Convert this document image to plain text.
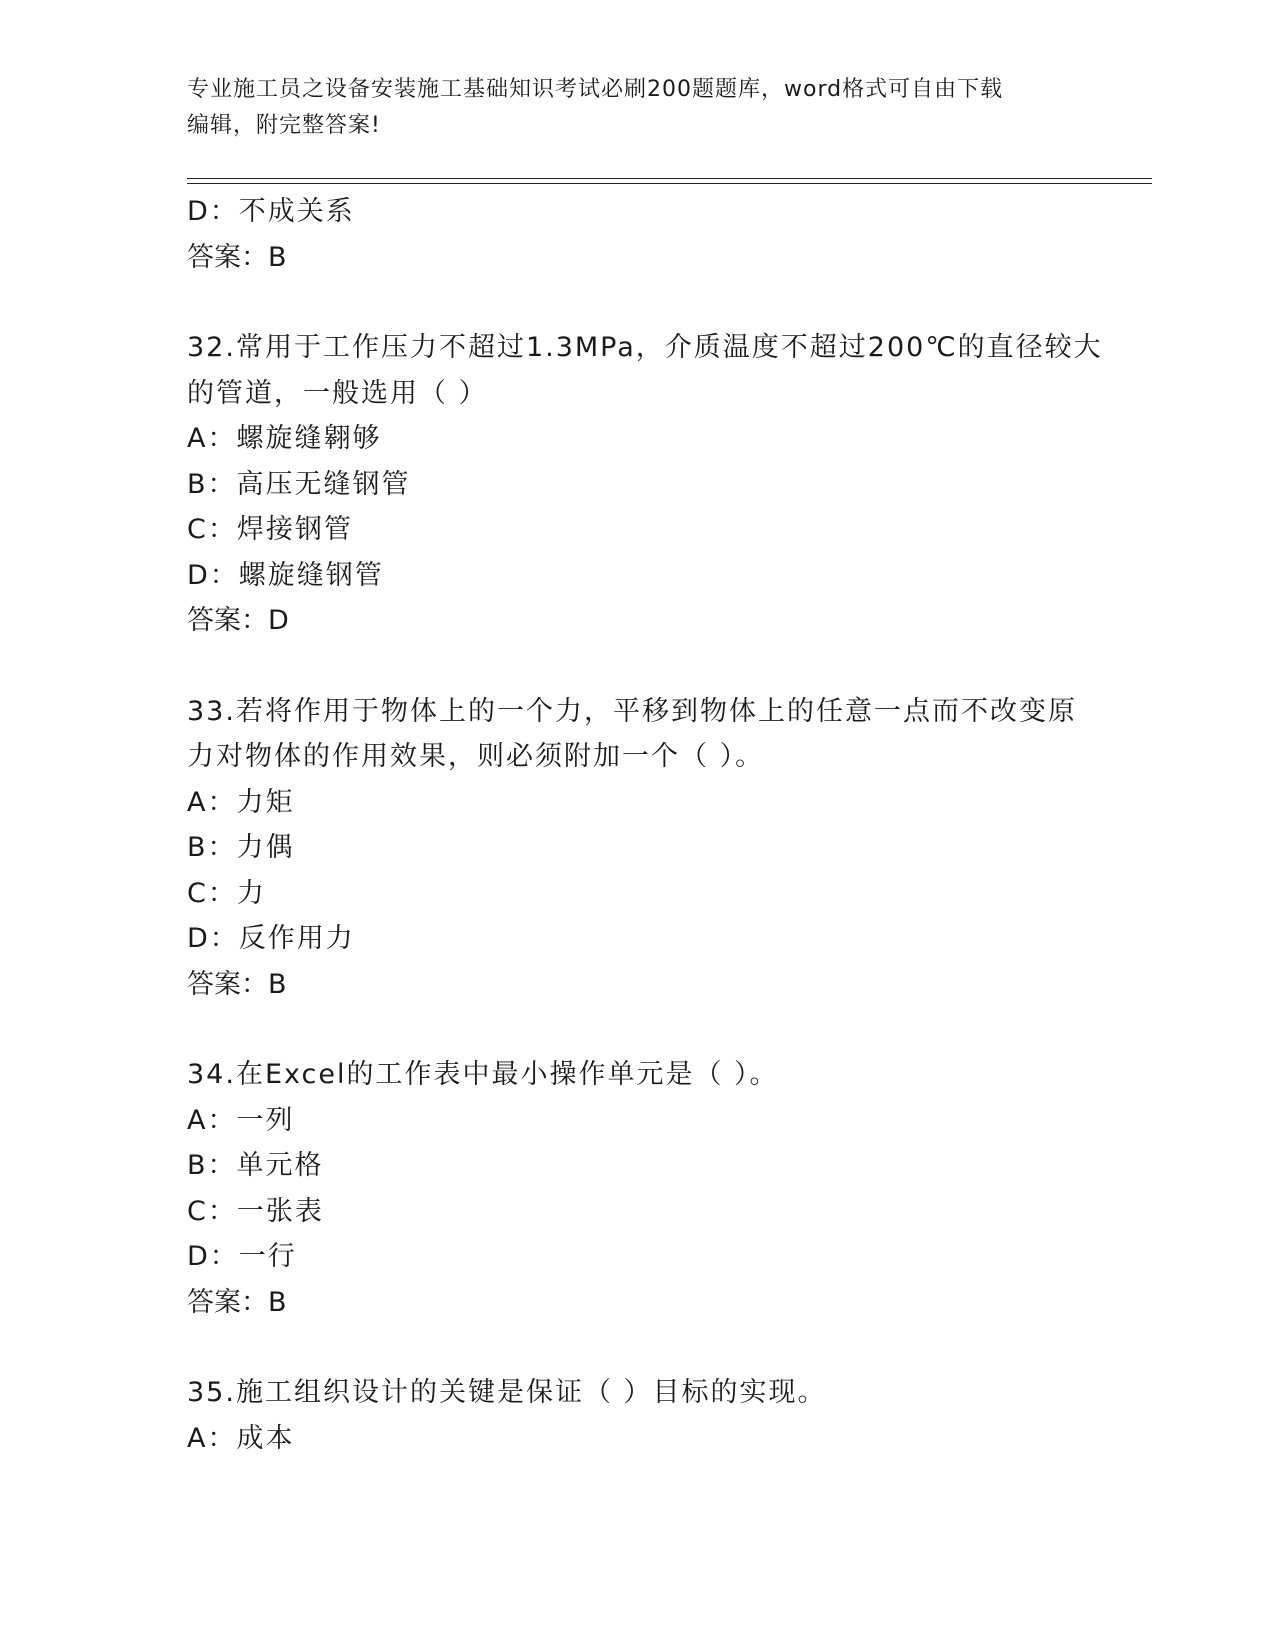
专业施工员之设备安装施工基础知识考试必刷200题题库，word格式可自由下载
编辑，附完整答案!
D：不成关系
答案：B
32.常用于工作压力不超过1.3MPa，介质温度不超过200℃的直径较大
的管道，一般选用（ ）
A：螺旋缝翱够
B：高压无缝钢管
C：焊接钢管
D：螺旋缝钢管
答案：D
33.若将作用于物体上的一个力，平移到物体上的任意一点而不改变原
力对物体的作用效果，则必须附加一个（ ）。
A：力矩
B：力偶
C：力
D：反作用力
答案：B
34.在Excel的工作表中最小操作单元是（ ）。
A：一列
B：单元格
C：一张表
D：一行
答案：B
35.施工组织设计的关键是保证（ ）目标的实现。
A：成本
